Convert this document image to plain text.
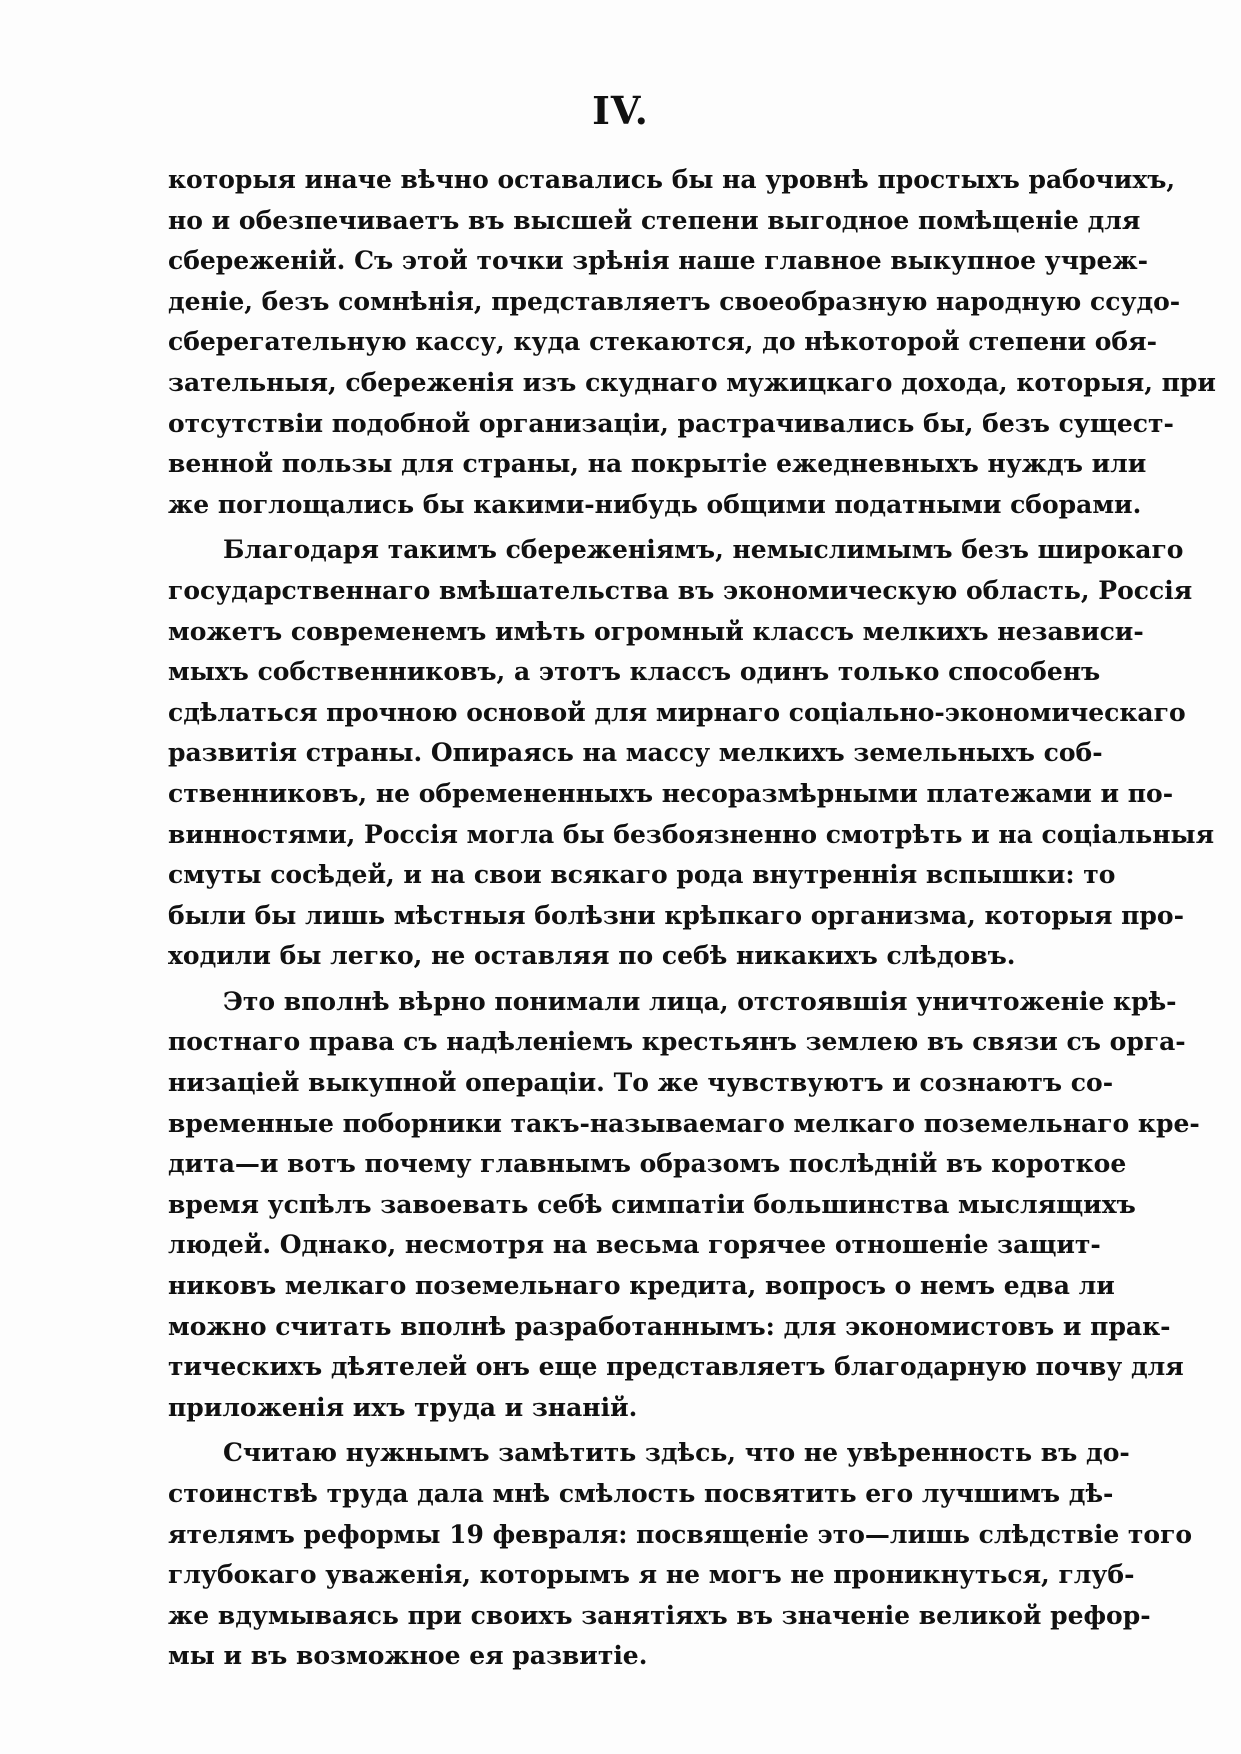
IV.
которыя иначе вѣчно оставались бы на уровнѣ простыхъ рабочихъ,
но и обезпечиваетъ въ высшей степени выгодное помѣщеніе для
сбереженій. Съ этой точки зрѣнія наше главное выкупное учреж-
деніе, безъ сомнѣнія, представляетъ своеобразную народную ссудо-
сберегательную кассу, куда стекаются, до нѣкоторой степени обя-
зательныя, сбереженія изъ скуднаго мужицкаго дохода, которыя, при
отсутствіи подобной организаціи, растрачивались бы, безъ сущест-
венной пользы для страны, на покрытіе ежедневныхъ нуждъ или
же поглощались бы какими-нибудь общими податными сборами.
Благодаря такимъ сбереженіямъ, немыслимымъ безъ широкаго
государственнаго вмѣшательства въ экономическую область, Россія
можетъ современемъ имѣть огромный классъ мелкихъ независи-
мыхъ собственниковъ, а этотъ классъ одинъ только способенъ
сдѣлаться прочною основой для мирнаго соціально-экономическаго
развитія страны. Опираясь на массу мелкихъ земельныхъ соб-
ственниковъ, не обремененныхъ несоразмѣрными платежами и по-
винностями, Россія могла бы безбоязненно смотрѣть и на соціальныя
смуты сосѣдей, и на свои всякаго рода внутреннія вспышки: то
были бы лишь мѣстныя болѣзни крѣпкаго организма, которыя про-
ходили бы легко, не оставляя по себѣ никакихъ слѣдовъ.
Это вполнѣ вѣрно понимали лица, отстоявшія уничтоженіе крѣ-
постнаго права съ надѣленіемъ крестьянъ землею въ связи съ орга-
низаціей выкупной операціи. То же чувствуютъ и сознаютъ со-
временные поборники такъ-называемаго мелкаго поземельнаго кре-
дита—и вотъ почему главнымъ образомъ послѣдній въ короткое
время успѣлъ завоевать себѣ симпатіи большинства мыслящихъ
людей. Однако, несмотря на весьма горячее отношеніе защит-
никовъ мелкаго поземельнаго кредита, вопросъ о немъ едва ли
можно считать вполнѣ разработаннымъ: для экономистовъ и прак-
тическихъ дѣятелей онъ еще представляетъ благодарную почву для
приложенія ихъ труда и знаній.
Считаю нужнымъ замѣтить здѣсь, что не увѣренность въ до-
стоинствѣ труда дала мнѣ смѣлость посвятить его лучшимъ дѣ-
ятелямъ реформы 19 февраля: посвященіе это—лишь слѣдствіе того
глубокаго уваженія, которымъ я не могъ не проникнуться, глуб-
же вдумываясь при своихъ занятіяхъ въ значеніе великой рефор-
мы и въ возможное ея развитіе.
